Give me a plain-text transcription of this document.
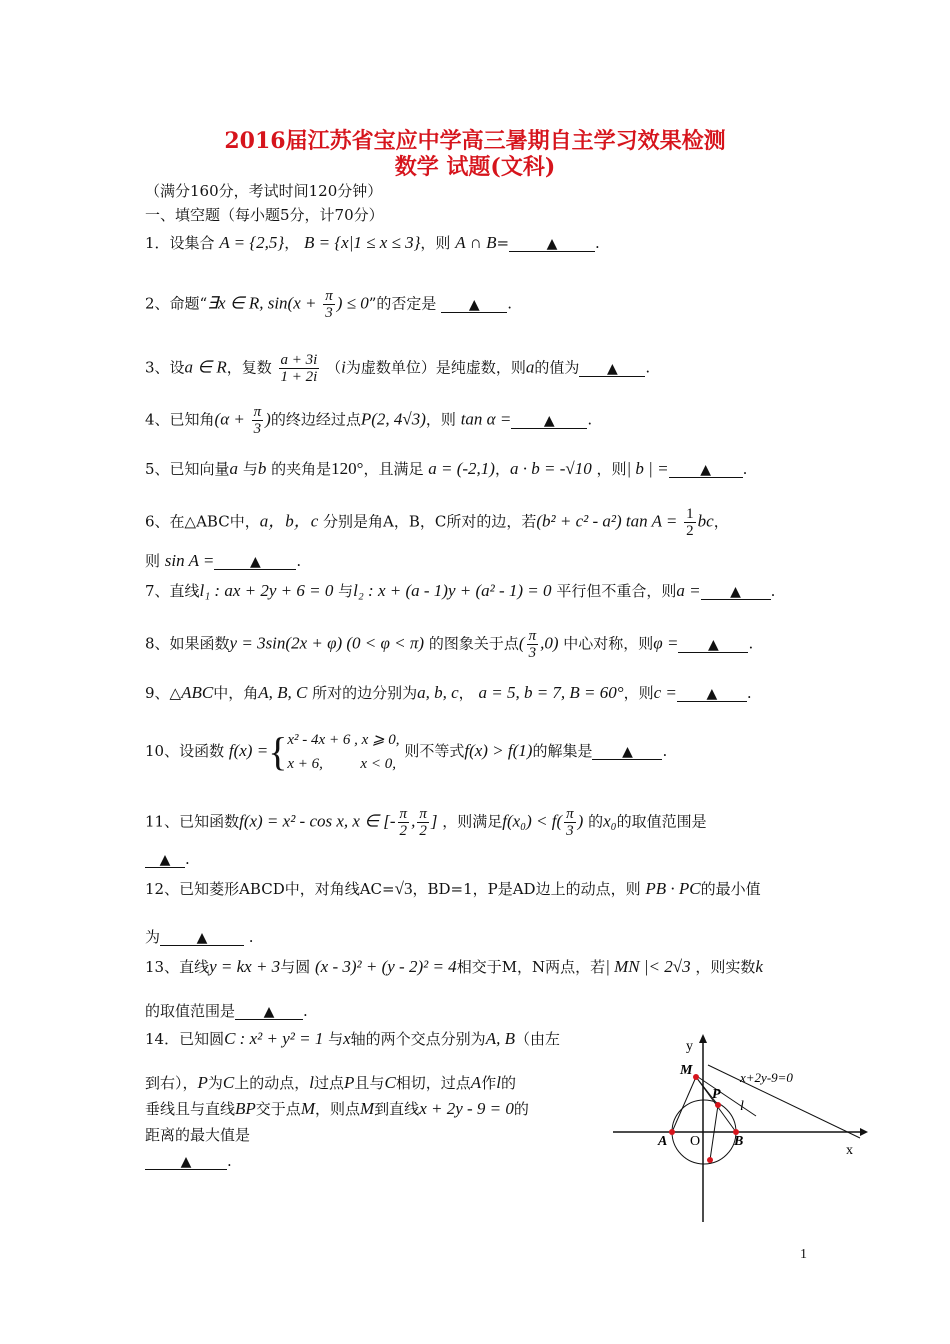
2016届江苏省宝应中学高三暑期自主学习效果检测
数学 试题(文科)
（满分160分，考试时间120分钟）
一、填空题（每小题5分，计70分）
1．设集合 A = {2,5}， B = {x|1 ≤ x ≤ 3}，则 A ∩ B=	▲	.
2、命题“∃x ∈ R, $\sin(x + \frac{\pi}{3}$ ) ≤ 0”的否定是 ▲ .
3、设a ∈ R，复数 $\frac{a + 3i}{1 + 2i} (i$为虚数单位）是纯虚数，则a的值为 ▲ .
4、已知角($\alpha + \frac{\pi}{3}$ )的终边经过点P(2, 4√3)，则 tan α = ▲ .
5、已知向量a 与b 的夹角是120°，且满足 a = (-2,1)，a · b = -√10 ，则| b | = ▲ .
6、在△ABC中，a，b，c 分别是角A，B，C所对的边，若(b² + c² - a²) $\tan A = \frac{1}{2}$ bc，
则 sin A =	▲ .
7、直线l₁ : ax + 2y + 6 = 0 与l₂ : x + (a - 1)y + (a² - 1) = 0 平行但不重合，则a = ▲ .
8、如果函数y = 3sin(2x + φ) (0 < φ < π) 的图象关于点( $\frac{\pi}{3} ,0$) 中心对称，则φ = ▲ .
9、△ABC中，角A, B, C 所对的边分别为a, b, c， a = 5, b = 7, B = 60°，则c = ▲ .
10、设函数 f(x) ={ x² - 4x + 6 , x ⩾ 0,
x + 6,          x < 0,
则不等式f(x) > f(1)的解集是 ▲ .
11、已知函数f(x) = x² - cos x, x ∈ [- $\frac{\pi}{2}$ , $\frac{\pi}{2}$ ] ，则满足$f(x_0) < f( \frac{\pi}{3}$ ) 的x₀的取值范围是
▲ .
12、已知菱形ABCD中，对角线AC=√3，BD=1，P是AD边上的动点，则 PB · PC的最小值
为	▲	.
13、直线y = kx + 3与圆 (x - 3)² + (y - 2)² = 4相交于M，N两点，若| MN |< 2√3 ，则实数k
的取值范围是 ▲ .
14．已知圆C : x² + y² = 1 与x轴的两个交点分别为A, B（由左
到右），P为C上的动点，l过点P且与C相切，过点A作l的
垂线且与直线BP交于点M，则点M到直线x + 2y - 9 = 0的
距离的最大值是
▲ .
y
x
O
A	B
M
P
l
x+2y-9=0
1
